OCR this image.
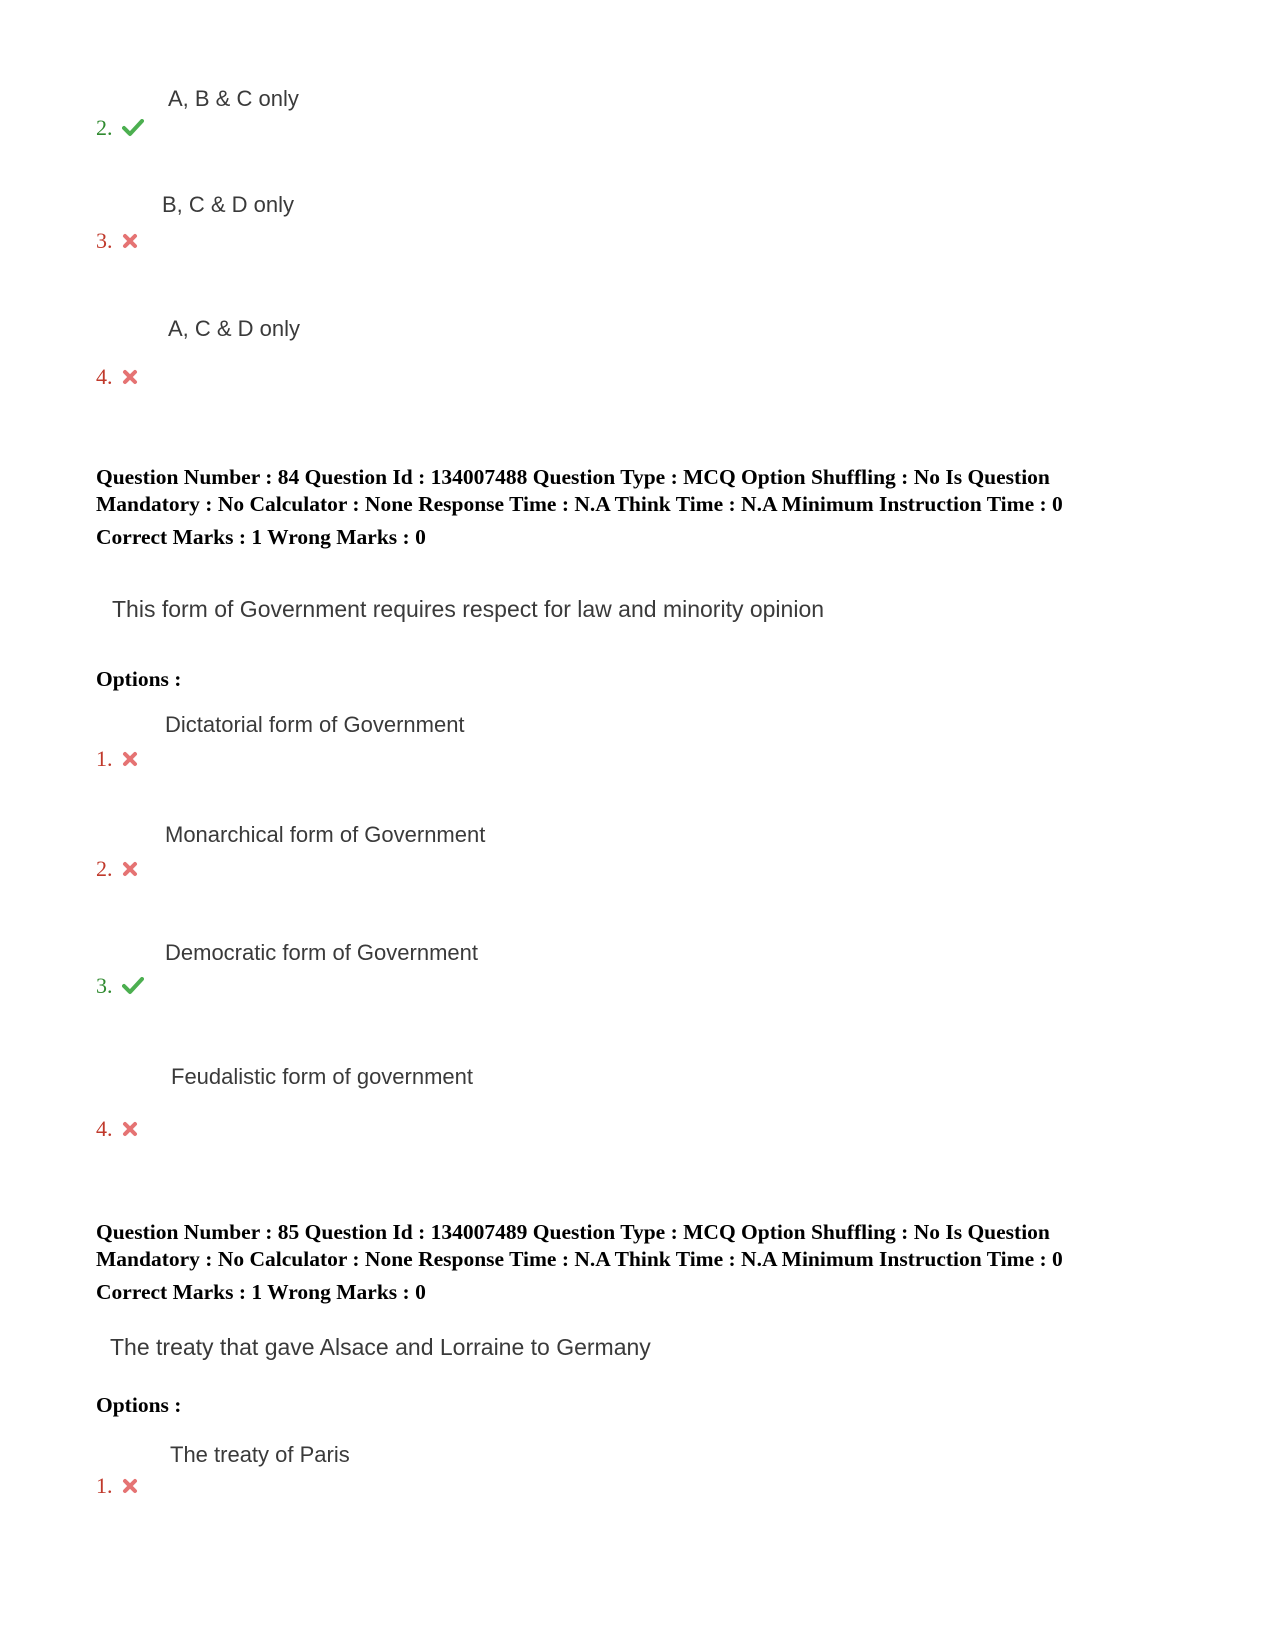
A, B & C only
2.
B, C & D only
3.
A, C & D only
4.
Question Number : 84 Question Id : 134007488 Question Type : MCQ Option Shuffling : No Is Question
Mandatory : No Calculator : None Response Time : N.A Think Time : N.A Minimum Instruction Time : 0
Correct Marks : 1 Wrong Marks : 0
This form of Government requires respect for law and minority opinion
Options :
Dictatorial form of Government
1.
Monarchical form of Government
2.
Democratic form of Government
3.
Feudalistic form of government
4.
Question Number : 85 Question Id : 134007489 Question Type : MCQ Option Shuffling : No Is Question
Mandatory : No Calculator : None Response Time : N.A Think Time : N.A Minimum Instruction Time : 0
Correct Marks : 1 Wrong Marks : 0
The treaty that gave Alsace and Lorraine to Germany
Options :
The treaty of Paris
1.
